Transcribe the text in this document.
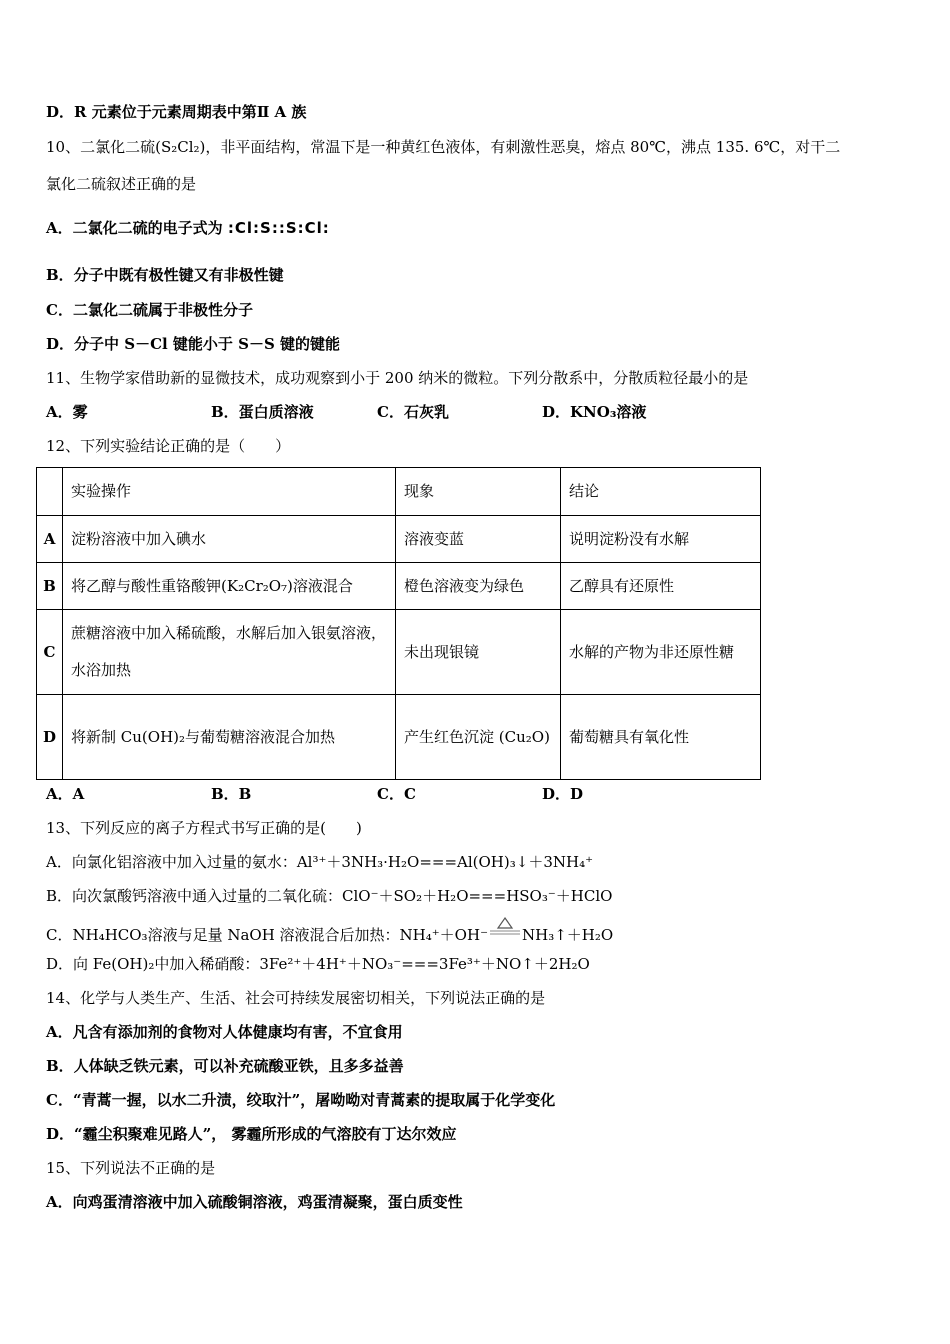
D．R 元素位于元素周期表中第Ⅱ A 族
10、二氯化二硫(S₂Cl₂)，非平面结构，常温下是一种黄红色液体，有刺激性恶臭，熔点 80℃，沸点 135. 6℃，对干二
氯化二硫叙述正确的是
A．二氯化二硫的电子式为 :Cl:S::S:Cl:
B．分子中既有极性键又有非极性键
C．二氯化二硫属于非极性分子
D．分子中 S－Cl 键能小于 S－S 键的键能
11、生物学家借助新的显微技术，成功观察到小于 200 纳米的微粒。下列分散系中，分散质粒径最小的是
A．雾	B．蛋白质溶液	C．石灰乳	D．KNO₃溶液
12、下列实验结论正确的是（　　）
	实验操作	现象	结论
A	淀粉溶液中加入碘水	溶液变蓝	说明淀粉没有水解
B	将乙醇与酸性重铬酸钾(K₂Cr₂O₇)溶液混合	橙色溶液变为绿色	乙醇具有还原性
C	蔗糖溶液中加入稀硫酸，水解后加入银氨溶液，水浴加热	未出现银镜	水解的产物为非还原性糖
D	将新制 Cu(OH)₂与葡萄糖溶液混合加热	产生红色沉淀 (Cu₂O)	葡萄糖具有氧化性
A．A	B．B	C．C	D．D
13、下列反应的离子方程式书写正确的是(　　)
A．向氯化铝溶液中加入过量的氨水：Al³⁺＋3NH₃·H₂O===Al(OH)₃↓＋3NH₄⁺
B．向次氯酸钙溶液中通入过量的二氧化硫：ClO⁻＋SO₂＋H₂O===HSO₃⁻＋HClO
C．NH₄HCO₃溶液与足量 NaOH 溶液混合后加热：NH₄⁺＋OH⁻ NH₃↑＋H₂O
D．向 Fe(OH)₂中加入稀硝酸：3Fe²⁺＋4H⁺＋NO₃⁻===3Fe³⁺＋NO↑＋2H₂O
14、化学与人类生产、生活、社会可持续发展密切相关，下列说法正确的是
A．凡含有添加剂的食物对人体健康均有害，不宜食用
B．人体缺乏铁元素，可以补充硫酸亚铁，且多多益善
C．“青蒿一握，以水二升渍，绞取汁”，屠呦呦对青蒿素的提取属于化学变化
D．“霾尘积聚难见路人”， 雾霾所形成的气溶胶有丁达尔效应
15、下列说法不正确的是
A．向鸡蛋清溶液中加入硫酸铜溶液，鸡蛋清凝聚，蛋白质变性
